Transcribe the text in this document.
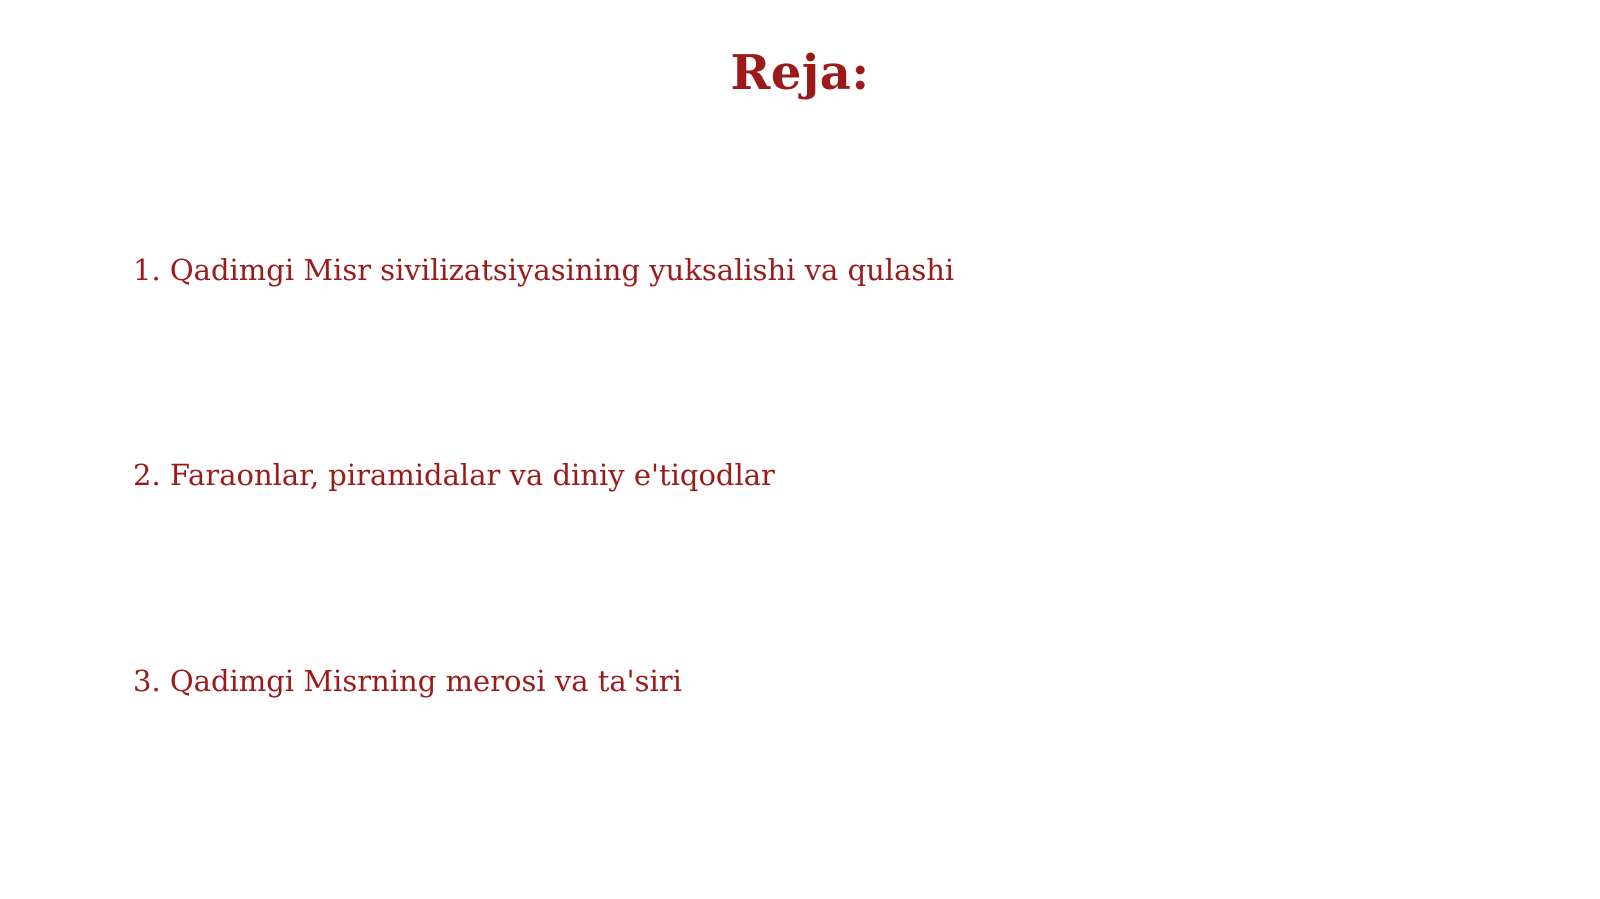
Reja:

1. Qadimgi Misr sivilizatsiyasining yuksalishi va qulashi

2. Faraonlar, piramidalar va diniy e'tiqodlar

3. Qadimgi Misrning merosi va ta'siri
